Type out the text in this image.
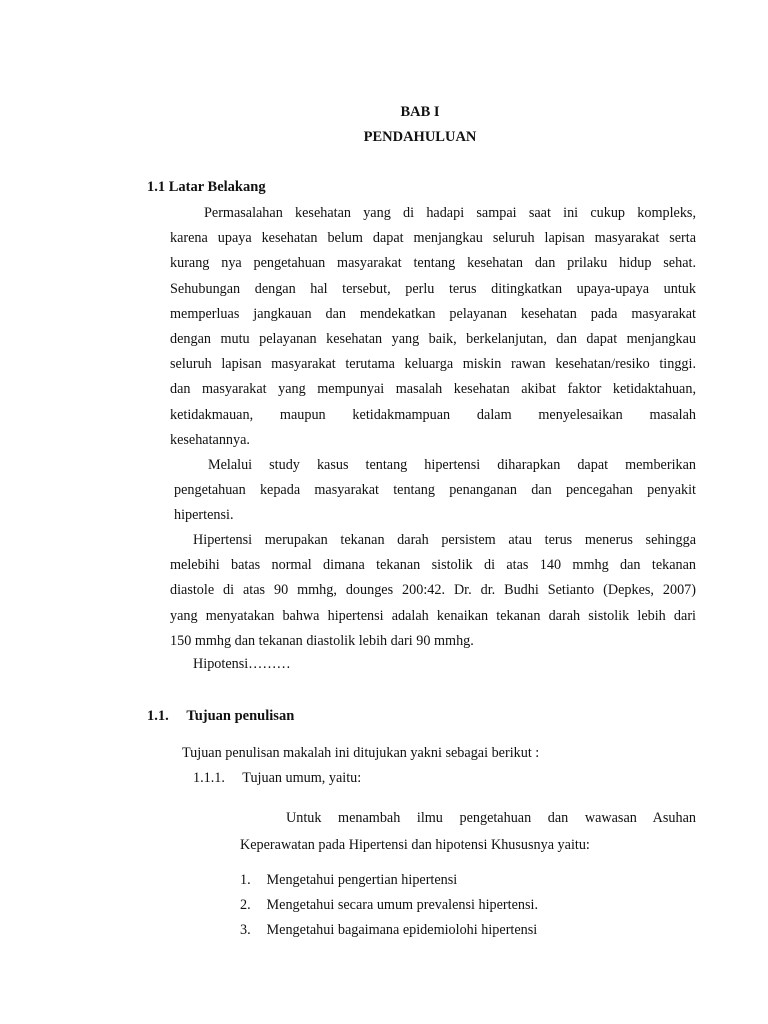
BAB I
PENDAHULUAN
1.1 Latar Belakang
Permasalahan kesehatan yang di hadapi sampai saat ini cukup kompleks,
karena upaya kesehatan belum dapat menjangkau seluruh lapisan masyarakat serta
kurang nya pengetahuan masyarakat tentang kesehatan dan prilaku hidup sehat.
Sehubungan dengan hal tersebut, perlu terus ditingkatkan upaya-upaya untuk
memperluas jangkauan dan mendekatkan pelayanan kesehatan pada masyarakat
dengan mutu pelayanan kesehatan yang baik, berkelanjutan, dan dapat menjangkau
seluruh lapisan masyarakat terutama keluarga miskin rawan kesehatan/resiko tinggi.
dan masyarakat yang mempunyai masalah kesehatan akibat faktor ketidaktahuan,
ketidakmauan, maupun ketidakmampuan dalam menyelesaikan masalah
kesehatannya.
Melalui study kasus tentang hipertensi diharapkan dapat memberikan
pengetahuan kepada masyarakat tentang penanganan dan pencegahan penyakit
hipertensi.
Hipertensi merupakan tekanan darah persistem atau terus menerus sehingga
melebihi batas normal dimana tekanan sistolik di atas 140 mmhg dan tekanan
diastole di atas 90 mmhg, dounges 200:42. Dr. dr. Budhi Setianto (Depkes, 2007)
yang menyatakan bahwa hipertensi adalah kenaikan tekanan darah sistolik lebih dari
150 mmhg dan tekanan diastolik lebih dari 90 mmhg.
Hipotensi………
1.1. Tujuan penulisan
Tujuan penulisan makalah ini ditujukan yakni sebagai berikut :
1.1.1. Tujuan umum, yaitu:
Untuk menambah ilmu pengetahuan dan wawasan Asuhan
Keperawatan pada Hipertensi dan hipotensi Khususnya yaitu:
1. Mengetahui pengertian hipertensi
2. Mengetahui secara umum prevalensi hipertensi.
3. Mengetahui bagaimana epidemiolohi hipertensi
